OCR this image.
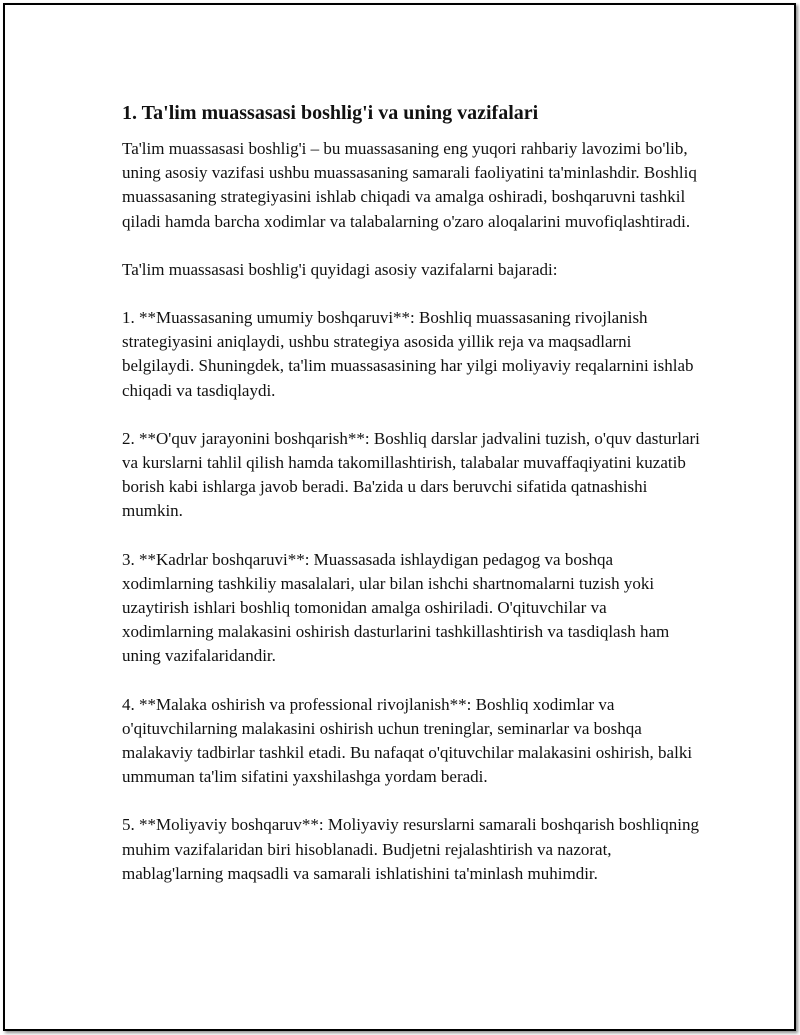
1. Ta'lim muassasasi boshlig'i va uning vazifalari

Ta'lim muassasasi boshlig'i – bu muassasaning eng yuqori rahbariy lavozimi bo'lib, uning asosiy vazifasi ushbu muassasaning samarali faoliyatini ta'minlashdir. Boshliq muassasaning strategiyasini ishlab chiqadi va amalga oshiradi, boshqaruvni tashkil qiladi hamda barcha xodimlar va talabalarning o'zaro aloqalarini muvofiqlashtiradi.

Ta'lim muassasasi boshlig'i quyidagi asosiy vazifalarni bajaradi:

1. **Muassasaning umumiy boshqaruvi**: Boshliq muassasaning rivojlanish strategiyasini aniqlaydi, ushbu strategiya asosida yillik reja va maqsadlarni belgilaydi. Shuningdek, ta'lim muassasasining har yilgi moliyaviy reqalarnini ishlab chiqadi va tasdiqlaydi.

2. **O'quv jarayonini boshqarish**: Boshliq darslar jadvalini tuzish, o'quv dasturlari va kurslarni tahlil qilish hamda takomillashtirish, talabalar muvaffaqiyatini kuzatib borish kabi ishlarga javob beradi. Ba'zida u dars beruvchi sifatida qatnashishi mumkin.

3. **Kadrlar boshqaruvi**: Muassasada ishlaydigan pedagog va boshqa xodimlarning tashkiliy masalalari, ular bilan ishchi shartnomalarni tuzish yoki uzaytirish ishlari boshliq tomonidan amalga oshiriladi. O'qituvchilar va xodimlarning malakasini oshirish dasturlarini tashkillashtirish va tasdiqlash ham uning vazifalaridandir.

4. **Malaka oshirish va professional rivojlanish**: Boshliq xodimlar va o'qituvchilarning malakasini oshirish uchun treninglar, seminarlar va boshqa malakaviy tadbirlar tashkil etadi. Bu nafaqat o'qituvchilar malakasini oshirish, balki ummuman ta'lim sifatini yaxshilashga yordam beradi.

5. **Moliyaviy boshqaruv**: Moliyaviy resurslarni samarali boshqarish boshliqning muhim vazifalaridan biri hisoblanadi. Budjetni rejalashtirish va nazorat, mablag'larning maqsadli va samarali ishlatishini ta'minlash muhimdir.
